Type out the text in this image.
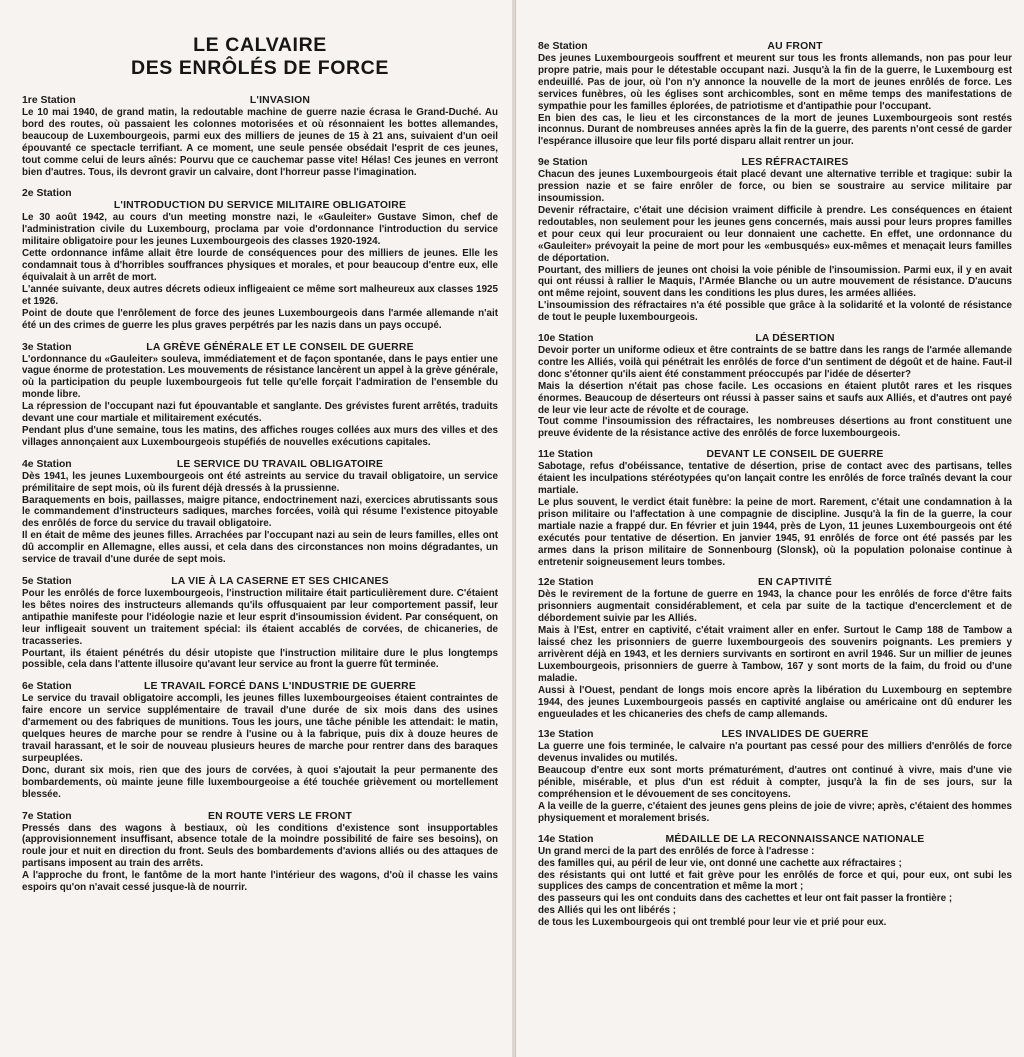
LE CALVAIRE
DES ENRÔLÉS DE FORCE
1re Station	L'INVASION

Le 10 mai 1940, de grand matin, la redoutable machine de guerre nazie écrasa le Grand-Duché. Au bord des routes, où passaient les colonnes motorisées et où résonnaient les bottes allemandes, beaucoup de Luxembourgeois, parmi eux des milliers de jeunes de 15 à 21 ans, suivaient d'un oeil épouvanté ce spectacle terrifiant. A ce moment, une seule pensée obsédait l'esprit de ces jeunes, tout comme celui de leurs aînés: Pourvu que ce cauchemar passe vite! Hélas! Ces jeunes en verront bien d'autres. Tous, ils devront gravir un calvaire, dont l'horreur passe l'imagination.

2e Station
L'INTRODUCTION DU SERVICE MILITAIRE OBLIGATOIRE

Le 30 août 1942, au cours d'un meeting monstre nazi, le «Gauleiter» Gustave Simon, chef de l'administration civile du Luxembourg, proclama par voie d'ordonnance l'introduction du service militaire obligatoire pour les jeunes Luxembourgeois des classes 1920-1924.

Cette ordonnance infâme allait être lourde de conséquences pour des milliers de jeunes. Elle les condamnait tous à d'horribles souffrances physiques et morales, et pour beaucoup d'entre eux, elle équivalait à un arrêt de mort.

L'année suivante, deux autres décrets odieux infligeaient ce même sort malheureux aux classes 1925 et 1926.

Point de doute que l'enrôlement de force des jeunes Luxembourgeois dans l'armée allemande n'ait été un des crimes de guerre les plus graves perpétrés par les nazis dans un pays occupé.

3e Station	LA GRÈVE GÉNÉRALE ET LE CONSEIL DE GUERRE

L'ordonnance du «Gauleiter» souleva, immédiatement et de façon spontanée, dans le pays entier une vague énorme de protestation. Les mouvements de résistance lancèrent un appel à la grève générale, où la participation du peuple luxembourgeois fut telle qu'elle forçait l'admiration de l'ensemble du monde libre.

La répression de l'occupant nazi fut épouvantable et sanglante. Des grévistes furent arrêtés, traduits devant une cour martiale et militairement exécutés.

Pendant plus d'une semaine, tous les matins, des affiches rouges collées aux murs des villes et des villages annonçaient aux Luxembourgeois stupéfiés de nouvelles exécutions capitales.

4e Station	LE SERVICE DU TRAVAIL OBLIGATOIRE

Dès 1941, les jeunes Luxembourgeois ont été astreints au service du travail obligatoire, un service prémilitaire de sept mois, où ils furent déjà dressés à la prussienne.

Baraquements en bois, paillasses, maigre pitance, endoctrinement nazi, exercices abrutissants sous le commandement d'instructeurs sadiques, marches forcées, voilà qui résume l'existence pitoyable des enrôlés de force du service du travail obligatoire.

Il en était de même des jeunes filles. Arrachées par l'occupant nazi au sein de leurs familles, elles ont dû accomplir en Allemagne, elles aussi, et cela dans des circonstances non moins dégradantes, un service de travail d'une durée de sept mois.

5e Station	LA VIE À LA CASERNE ET SES CHICANES

Pour les enrôlés de force luxembourgeois, l'instruction militaire était particulièrement dure. C'étaient les bêtes noires des instructeurs allemands qu'ils offusquaient par leur comportement passif, leur antipathie manifeste pour l'idéologie nazie et leur esprit d'insoumission évident. Par conséquent, on leur infligeait souvent un traitement spécial: ils étaient accablés de corvées, de chicaneries, de tracasseries.

Pourtant, ils étaient pénétrés du désir utopiste que l'instruction militaire dure le plus longtemps possible, cela dans l'attente illusoire qu'avant leur service au front la guerre fût terminée.

6e Station	LE TRAVAIL FORCÉ DANS L'INDUSTRIE DE GUERRE

Le service du travail obligatoire accompli, les jeunes filles luxembourgeoises étaient contraintes de faire encore un service supplémentaire de travail d'une durée de six mois dans des usines d'armement ou des fabriques de munitions. Tous les jours, une tâche pénible les attendait: le matin, quelques heures de marche pour se rendre à l'usine ou à la fabrique, puis dix à douze heures de travail harassant, et le soir de nouveau plusieurs heures de marche pour rentrer dans des baraques surpeuplées.

Donc, durant six mois, rien que des jours de corvées, à quoi s'ajoutait la peur permanente des bombardements, où mainte jeune fille luxembourgeoise a été touchée grièvement ou mortellement blessée.

7e Station	EN ROUTE VERS LE FRONT

Pressés dans des wagons à bestiaux, où les conditions d'existence sont insupportables (approvisionnement insuffisant, absence totale de la moindre possibilité de faire ses besoins), on roule jour et nuit en direction du front. Seuls des bombardements d'avions alliés ou des attaques de partisans imposent au train des arrêts.

A l'approche du front, le fantôme de la mort hante l'intérieur des wagons, d'où il chasse les vains espoirs qu'on n'avait cessé jusque-là de nourrir.

8e Station	AU FRONT

Des jeunes Luxembourgeois souffrent et meurent sur tous les fronts allemands, non pas pour leur propre patrie, mais pour le détestable occupant nazi. Jusqu'à la fin de la guerre, le Luxembourg est endeuillé. Pas de jour, où l'on n'y annonce la nouvelle de la mort de jeunes enrôlés de force. Les services funèbres, où les églises sont archicombles, sont en même temps des manifestations de sympathie pour les familles éplorées, de patriotisme et d'antipathie pour l'occupant.

En bien des cas, le lieu et les circonstances de la mort de jeunes Luxembourgeois sont restés inconnus. Durant de nombreuses années après la fin de la guerre, des parents n'ont cessé de garder l'espérance illusoire que leur fils porté disparu allait rentrer un jour.

9e Station	LES RÉFRACTAIRES

Chacun des jeunes Luxembourgeois était placé devant une alternative terrible et tragique: subir la pression nazie et se faire enrôler de force, ou bien se soustraire au service militaire par insoumission.

Devenir réfractaire, c'était une décision vraiment difficile à prendre. Les conséquences en étaient redoutables, non seulement pour les jeunes gens concernés, mais aussi pour leurs propres familles et pour ceux qui leur procuraient ou leur donnaient une cachette. En effet, une ordonnance du «Gauleiter» prévoyait la peine de mort pour les «embusqués» eux-mêmes et menaçait leurs familles de déportation.

Pourtant, des milliers de jeunes ont choisi la voie pénible de l'insoumission. Parmi eux, il y en avait qui ont réussi à rallier le Maquis, l'Armée Blanche ou un autre mouvement de résistance. D'aucuns ont même rejoint, souvent dans les conditions les plus dures, les armées alliées.

L'insoumission des réfractaires n'a été possible que grâce à la solidarité et la volonté de résistance de tout le peuple luxembourgeois.

10e Station	LA DÉSERTION

Devoir porter un uniforme odieux et être contraints de se battre dans les rangs de l'armée allemande contre les Alliés, voilà qui pénétrait les enrôlés de force d'un sentiment de dégoût et de haine. Faut-il donc s'étonner qu'ils aient été constamment préoccupés par l'idée de déserter?

Mais la désertion n'était pas chose facile. Les occasions en étaient plutôt rares et les risques énormes. Beaucoup de déserteurs ont réussi à passer sains et saufs aux Alliés, et d'autres ont payé de leur vie leur acte de révolte et de courage.

Tout comme l'insoumission des réfractaires, les nombreuses désertions au front constituent une preuve évidente de la résistance active des enrôlés de force luxembourgeois.

11e Station	DEVANT LE CONSEIL DE GUERRE

Sabotage, refus d'obéissance, tentative de désertion, prise de contact avec des partisans, telles étaient les inculpations stéréotypées qu'on lançait contre les enrôlés de force traînés devant la cour martiale.

Le plus souvent, le verdict était funèbre: la peine de mort. Rarement, c'était une condamnation à la prison militaire ou l'affectation à une compagnie de discipline. Jusqu'à la fin de la guerre, la cour martiale nazie a frappé dur. En février et juin 1944, près de Lyon, 11 jeunes Luxembourgeois ont été exécutés pour tentative de désertion. En janvier 1945, 91 enrôlés de force ont été passés par les armes dans la prison militaire de Sonnenbourg (Slonsk), où la population polonaise continue à entretenir soigneusement leurs tombes.

12e Station	EN CAPTIVITÉ

Dès le revirement de la fortune de guerre en 1943, la chance pour les enrôlés de force d'être faits prisonniers augmentait considérablement, et cela par suite de la tactique d'encerclement et de débordement suivie par les Alliés.

Mais à l'Est, entrer en captivité, c'était vraiment aller en enfer. Surtout le Camp 188 de Tambow a laissé chez les prisonniers de guerre luxembourgeois des souvenirs poignants. Les premiers y arrivèrent déjà en 1943, et les derniers survivants en sortiront en avril 1946. Sur un millier de jeunes Luxembourgeois, prisonniers de guerre à Tambow, 167 y sont morts de la faim, du froid ou d'une maladie.

Aussi à l'Ouest, pendant de longs mois encore après la libération du Luxembourg en septembre 1944, des jeunes Luxembourgeois passés en captivité anglaise ou américaine ont dû endurer les engueulades et les chicaneries des chefs de camp allemands.

13e Station	LES INVALIDES DE GUERRE

La guerre une fois terminée, le calvaire n'a pourtant pas cessé pour des milliers d'enrôlés de force devenus invalides ou mutilés.

Beaucoup d'entre eux sont morts prématurément, d'autres ont continué à vivre, mais d'une vie pénible, misérable, et plus d'un est réduit à compter, jusqu'à la fin de ses jours, sur la compréhension et le dévouement de ses concitoyens.

A la veille de la guerre, c'étaient des jeunes gens pleins de joie de vivre; après, c'étaient des hommes physiquement et moralement brisés.

14e Station	MÉDAILLE DE LA RECONNAISSANCE NATIONALE

Un grand merci de la part des enrôlés de force à l'adresse :

des familles qui, au péril de leur vie, ont donné une cachette aux réfractaires ;

des résistants qui ont lutté et fait grève pour les enrôlés de force et qui, pour eux, ont subi les supplices des camps de concentration et même la mort ;

des passeurs qui les ont conduits dans des cachettes et leur ont fait passer la frontière ;

des Alliés qui les ont libérés ;

de tous les Luxembourgeois qui ont tremblé pour leur vie et prié pour eux.
